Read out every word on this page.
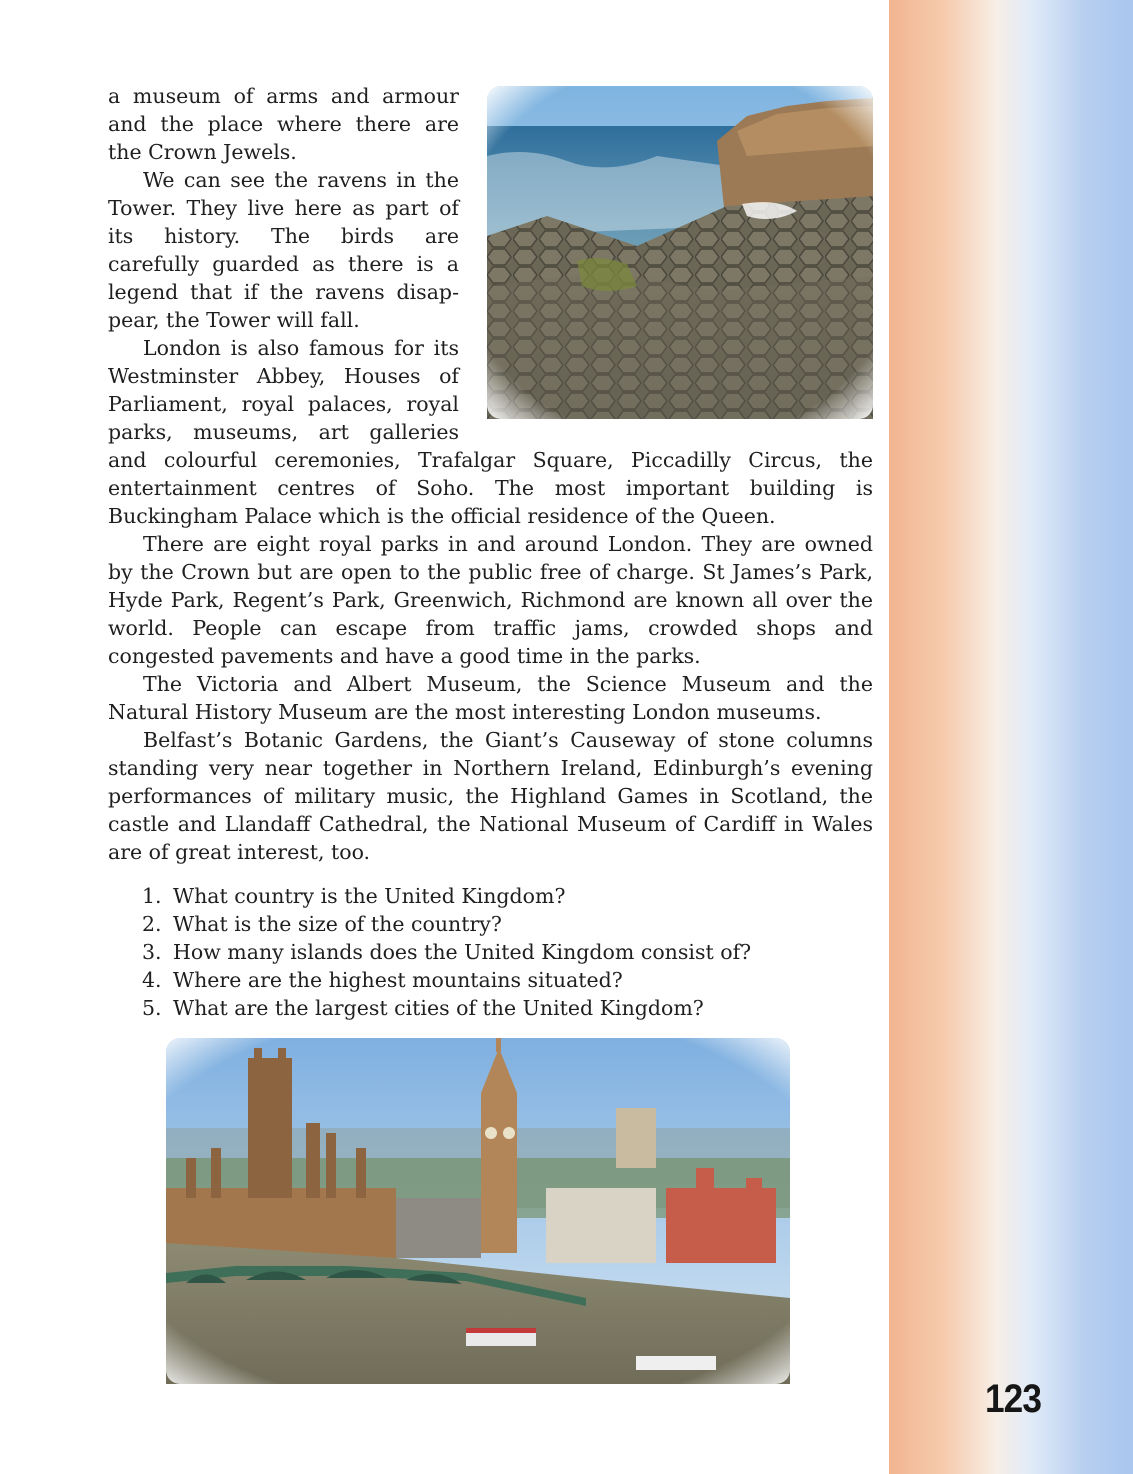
a museum of arms and armour and the place where there are the Crown Jewels.

We can see the ravens in the Tower. They live here as part of its history. The birds are carefully guarded as there is a legend that if the ravens disappear, the Tower will fall.

London is also famous for its Westminster Abbey, Houses of Parliament, royal palaces, royal parks, museums, art galleries and colourful ceremonies, Trafalgar Square, Piccadilly Circus, the entertainment centres of Soho. The most important building is Buckingham Palace which is the official residence of the Queen.

There are eight royal parks in and around London. They are owned by the Crown but are open to the public free of charge. St James’s Park, Hyde Park, Regent’s Park, Greenwich, Richmond are known all over the world. People can escape from traffic jams, crowded shops and congested pavements and have a good time in the parks.

The Victoria and Albert Museum, the Science Museum and the Natural History Museum are the most interesting London museums.

Belfast’s Botanic Gardens, the Giant’s Causeway of stone columns standing very near together in Northern Ireland, Edinburgh’s evening performances of military music, the Highland Games in Scotland, the castle and Llandaff Cathedral, the National Museum of Cardiff in Wales are of great interest, too.

1. What country is the United Kingdom?
2. What is the size of the country?
3. How many islands does the United Kingdom consist of?
4. Where are the highest mountains situated?
5. What are the largest cities of the United Kingdom?
123
